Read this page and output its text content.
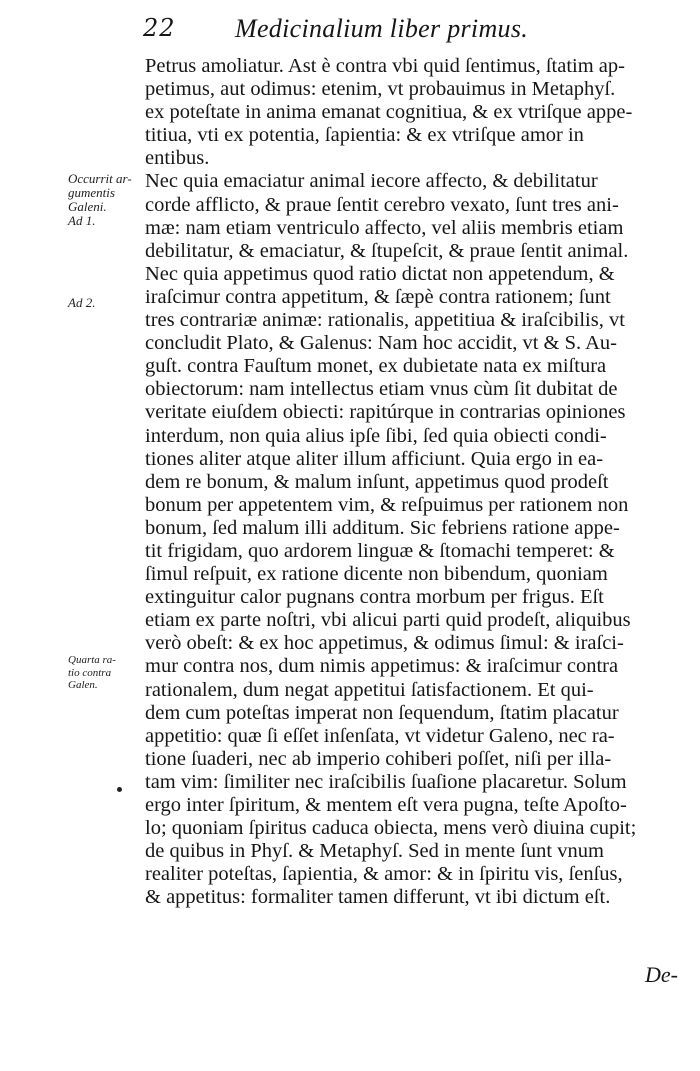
22 Medicinalium liber primus.
Occurrit ar-
gumentis
Galeni.
Ad 1.
Ad 2.
Quarta ra-
tio contra
Galen.
Petrus amoliatur. Ast è contra vbi quid ſentimus, ſtatim ap-
petimus, aut odimus: etenim, vt probauimus in Metaphyſ.
ex poteſtate in anima emanat cognitiua, & ex vtriſque appe-
titiua, vti ex potentia, ſapientia: & ex vtriſque amor in
entibus.
Nec quia emaciatur animal iecore affecto, & debilitatur
corde afflicto, & praue ſentit cerebro vexato, ſunt tres ani-
mæ: nam etiam ventriculo affecto, vel aliis membris etiam
debilitatur, & emaciatur, & ſtupeſcit, & praue ſentit animal.
Nec quia appetimus quod ratio dictat non appetendum, &
iraſcimur contra appetitum, & ſæpè contra rationem; ſunt
tres contrariæ animæ: rationalis, appetitiua & iraſcibilis, vt
concludit Plato, & Galenus: Nam hoc accidit, vt & S. Au-
guſt. contra Fauſtum monet, ex dubietate nata ex miſtura
obiectorum: nam intellectus etiam vnus cùm ſit dubitat de
veritate eiuſdem obiecti: rapitúrque in contrarias opiniones
interdum, non quia alius ipſe ſibi, ſed quia obiecti condi-
tiones aliter atque aliter illum afficiunt. Quia ergo in ea-
dem re bonum, & malum inſunt, appetimus quod prodeſt
bonum per appetentem vim, & reſpuimus per rationem non
bonum, ſed malum illi additum. Sic febriens ratione appe-
tit frigidam, quo ardorem linguæ & ſtomachi temperet: &
ſimul reſpuit, ex ratione dicente non bibendum, quoniam
extinguitur calor pugnans contra morbum per frigus. Eſt
etiam ex parte noſtri, vbi alicui parti quid prodeſt, aliquibus
verò obeſt: & ex hoc appetimus, & odimus ſimul: & iraſci-
mur contra nos, dum nimis appetimus: & iraſcimur contra
rationalem, dum negat appetitui ſatisfactionem. Et qui-
dem cum poteſtas imperat non ſequendum, ſtatim placatur
appetitio: quæ ſi eſſet inſenſata, vt videtur Galeno, nec ra-
tione ſuaderi, nec ab imperio cohiberi poſſet, niſi per illa-
tam vim: ſimiliter nec iraſcibilis ſuaſione placaretur. Solum
ergo inter ſpiritum, & mentem eſt vera pugna, teſte Apoſto-
lo; quoniam ſpiritus caduca obiecta, mens verò diuina cupit;
de quibus in Phyſ. & Metaphyſ. Sed in mente ſunt vnum
realiter poteſtas, ſapientia, & amor: & in ſpiritu vis, ſenſus,
& appetitus: formaliter tamen differunt, vt ibi dictum eſt.
De-
